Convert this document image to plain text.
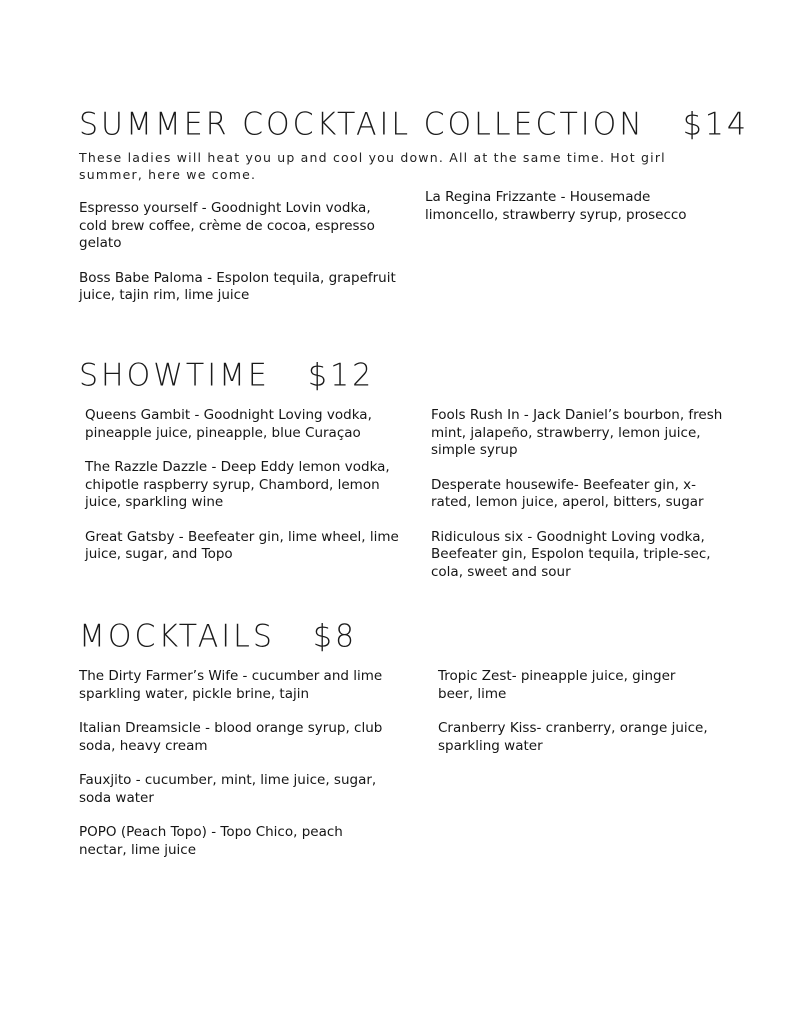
SUMMER COCKTAIL COLLECTION $14

These ladies will heat you up and cool you down. All at the same time. Hot girl summer, here we come.

Espresso yourself - Goodnight Lovin vodka, cold brew coffee, crème de cocoa, espresso gelato

Boss Babe Paloma - Espolon tequila, grapefruit juice, tajin rim, lime juice

La Regina Frizzante - Housemade limoncello, strawberry syrup, prosecco

SHOWTIME $12

Queens Gambit - Goodnight Loving vodka, pineapple juice, pineapple, blue Curaçao

The Razzle Dazzle - Deep Eddy lemon vodka, chipotle raspberry syrup, Chambord, lemon juice, sparkling wine

Great Gatsby - Beefeater gin, lime wheel, lime juice, sugar, and Topo

Fools Rush In - Jack Daniel’s bourbon, fresh mint, jalapeño, strawberry, lemon juice, simple syrup

Desperate housewife- Beefeater gin, x-rated, lemon juice, aperol, bitters, sugar

Ridiculous six - Goodnight Loving vodka, Beefeater gin, Espolon tequila, triple-sec, cola, sweet and sour

MOCKTAILS $8

The Dirty Farmer’s Wife - cucumber and lime sparkling water, pickle brine, tajin

Italian Dreamsicle - blood orange syrup, club soda, heavy cream

Fauxjito - cucumber, mint, lime juice, sugar, soda water

POPO (Peach Topo) - Topo Chico, peach nectar, lime juice

Tropic Zest- pineapple juice, ginger beer, lime

Cranberry Kiss- cranberry, orange juice, sparkling water
